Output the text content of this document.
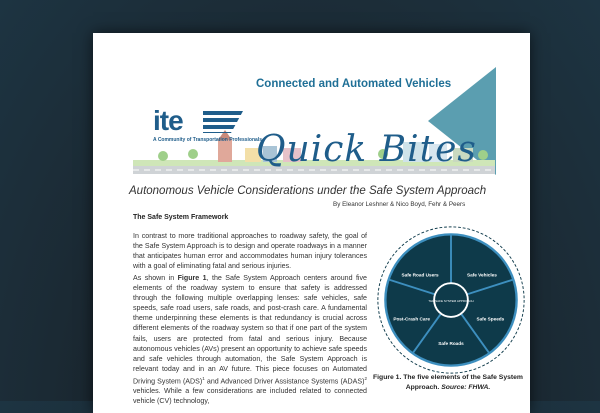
Connected and Automated Vehicles
ite
A Community of Transportation Professionals
Quick Bites
Autonomous Vehicle Considerations under the Safe System Approach
By Eleanor Leshner & Nico Boyd, Fehr & Peers
The Safe System Framework

In contrast to more traditional approaches to roadway safety, the goal of the Safe System Approach is to design and operate roadways in a manner that anticipates human error and accommodates human injury tolerances with a goal of eliminating fatal and serious injuries.

As shown in Figure 1, the Safe System Approach centers around five elements of the roadway system to ensure that safety is addressed through the following multiple overlapping lenses: safe vehicles, safe speeds, safe road users, safe roads, and post-crash care. A fundamental theme underpinning these elements is that redundancy is crucial across different elements of the roadway system so that if one part of the system fails, users are protected from fatal and serious injury. Because autonomous vehicles (AVs) present an opportunity to achieve safe speeds and safe vehicles through automation, the Safe System Approach is relevant today and in an AV future. This piece focuses on Automated Driving System (ADS)$^1$ and Advanced Driver Assistance Systems (ADAS)$^2$ vehicles. While a few considerations are included related to connected vehicle (CV) technology,

THE SAFE SYSTEM APPROACH
Safe Road Users	Safe Vehicles
Safe Speeds
Safe Roads
Post-Crash Care
Figure 1. The five elements of the Safe System Approach. Source: FHWA.
